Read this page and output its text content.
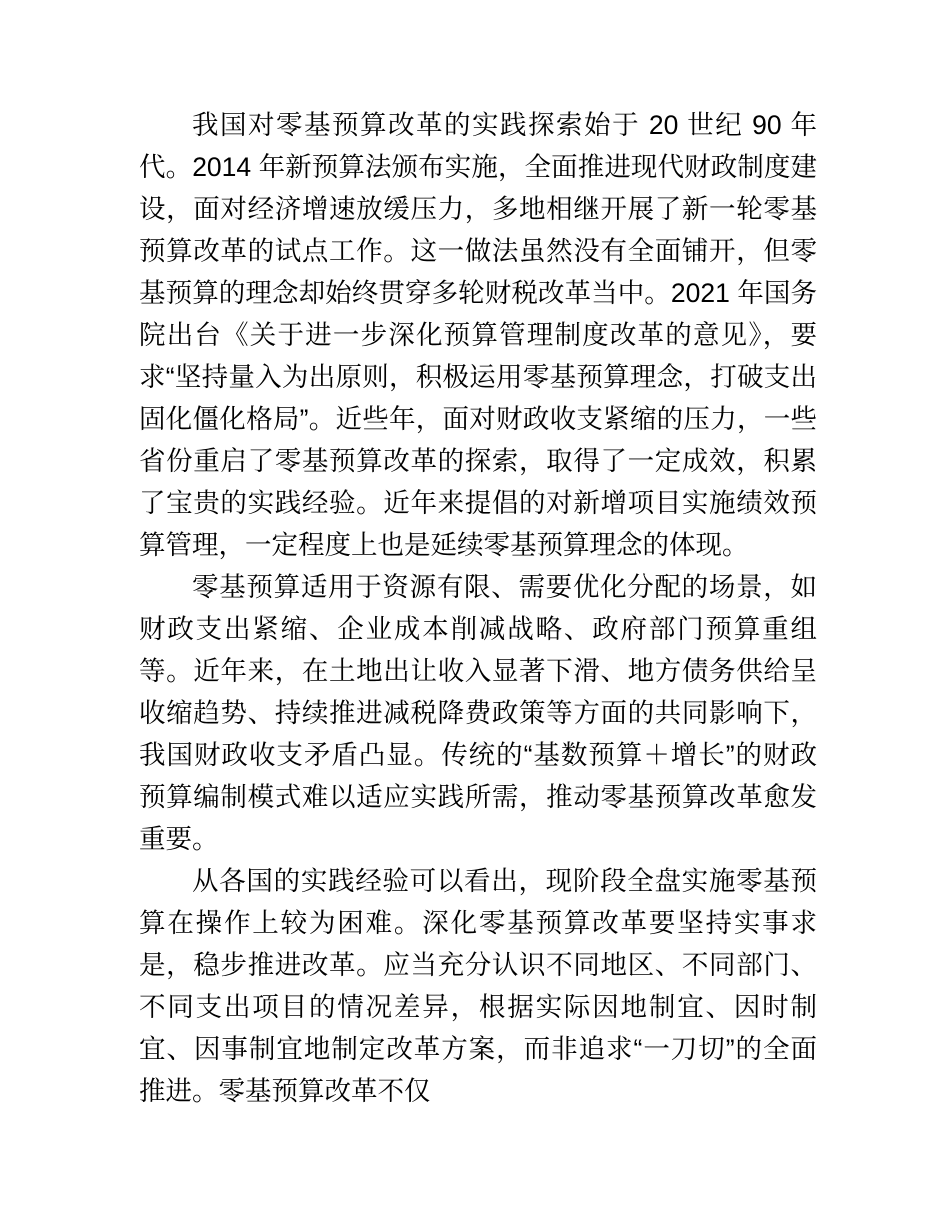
我国对零基预算改革的实践探索始于 20 世纪 90 年代。2014 年新预算法颁布实施，全面推进现代财政制度建设，面对经济增速放缓压力，多地相继开展了新一轮零基预算改革的试点工作。这一做法虽然没有全面铺开，但零基预算的理念却始终贯穿多轮财税改革当中。2021 年国务院出台《关于进一步深化预算管理制度改革的意见》，要求“坚持量入为出原则，积极运用零基预算理念，打破支出固化僵化格局”。近些年，面对财政收支紧缩的压力，一些省份重启了零基预算改革的探索，取得了一定成效，积累了宝贵的实践经验。近年来提倡的对新增项目实施绩效预算管理，一定程度上也是延续零基预算理念的体现。

零基预算适用于资源有限、需要优化分配的场景，如财政支出紧缩、企业成本削减战略、政府部门预算重组等。近年来，在土地出让收入显著下滑、地方债务供给呈收缩趋势、持续推进减税降费政策等方面的共同影响下，我国财政收支矛盾凸显。传统的“基数预算＋增长”的财政预算编制模式难以适应实践所需，推动零基预算改革愈发重要。

从各国的实践经验可以看出，现阶段全盘实施零基预算在操作上较为困难。深化零基预算改革要坚持实事求是，稳步推进改革。应当充分认识不同地区、不同部门、不同支出项目的情况差异，根据实际因地制宜、因时制宜、因事制宜地制定改革方案，而非追求“一刀切”的全面推进。零基预算改革不仅
